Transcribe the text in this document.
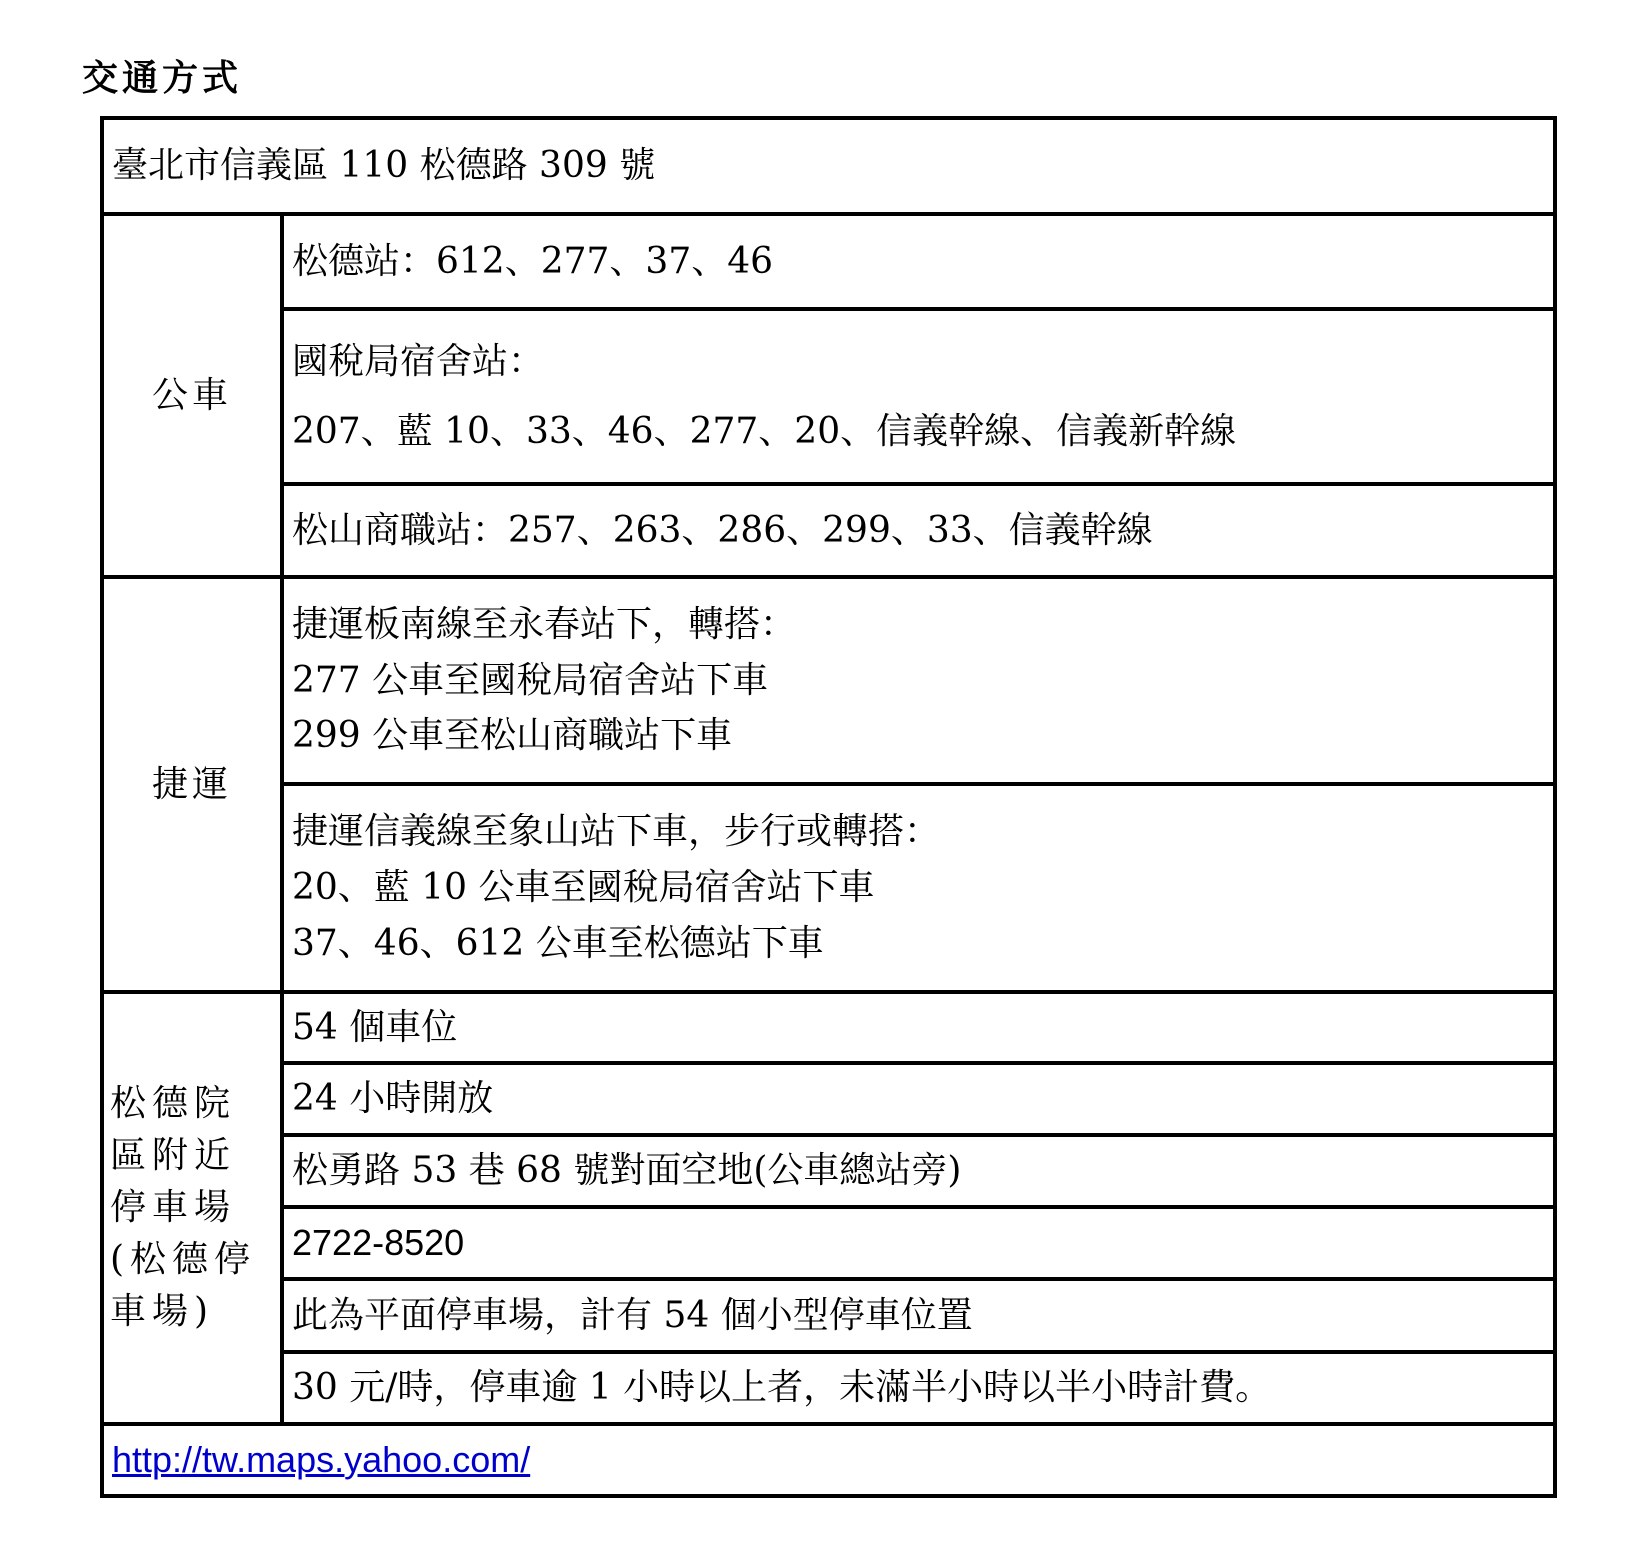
交通方式
臺北市信義區 110 松德路 309 號	

公車	松德站：612、277、37、46

	國稅局宿舍站：
207、藍 10、33、46、277、20、信義幹線、信義新幹線

	松山商職站：257、263、286、299、33、信義幹線

捷運	捷運板南線至永春站下，轉搭：
277 公車至國稅局宿舍站下車
299 公車至松山商職站下車

	捷運信義線至象山站下車，步行或轉搭：
20、藍 10 公車至國稅局宿舍站下車
37、46、612 公車至松德站下車

松德院區附近停車場(松德停車場)	54 個車位

	24 小時開放

	松勇路 53 巷 68 號對面空地(公車總站旁)

	2722-8520

	此為平面停車場，計有 54 個小型停車位置

	30 元/時，停車逾 1 小時以上者，未滿半小時以半小時計費。

http://tw.maps.yahoo.com/	
